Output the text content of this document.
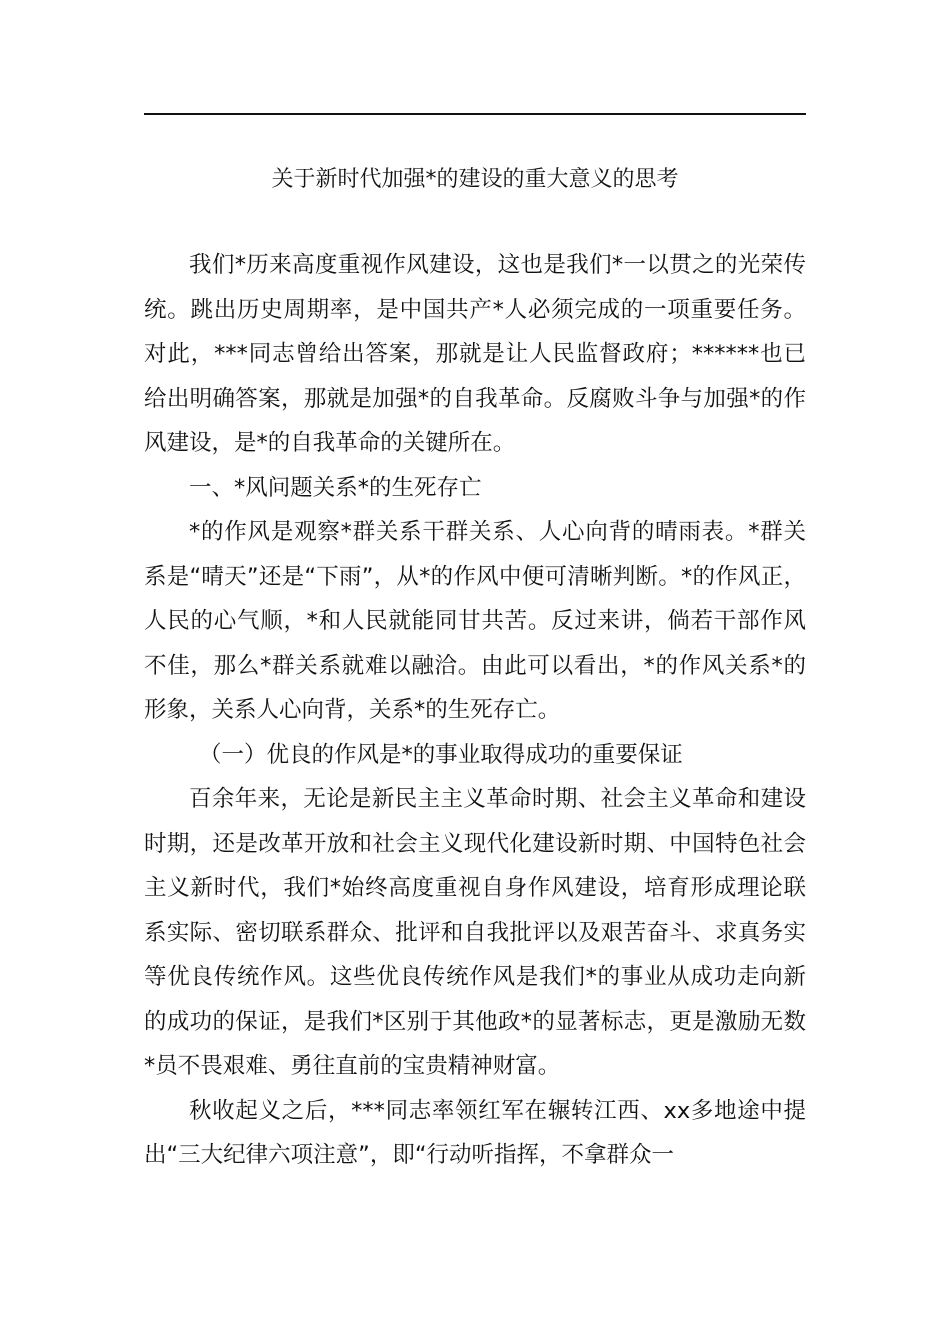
关于新时代加强*的建设的重大意义的思考

我们*历来高度重视作风建设，这也是我们*一以贯之的光荣传统。跳出历史周期率，是中国共产*人必须完成的一项重要任务。对此，***同志曾给出答案，那就是让人民监督政府；******也已给出明确答案，那就是加强*的自我革命。反腐败斗争与加强*的作风建设，是*的自我革命的关键所在。

一、*风问题关系*的生死存亡

*的作风是观察*群关系干群关系、人心向背的晴雨表。*群关系是“晴天”还是“下雨”，从*的作风中便可清晰判断。*的作风正，人民的心气顺，*和人民就能同甘共苦。反过来讲，倘若干部作风不佳，那么*群关系就难以融洽。由此可以看出，*的作风关系*的形象，关系人心向背，关系*的生死存亡。

（一）优良的作风是*的事业取得成功的重要保证

百余年来，无论是新民主主义革命时期、社会主义革命和建设时期，还是改革开放和社会主义现代化建设新时期、中国特色社会主义新时代，我们*始终高度重视自身作风建设，培育形成理论联系实际、密切联系群众、批评和自我批评以及艰苦奋斗、求真务实等优良传统作风。这些优良传统作风是我们*的事业从成功走向新的成功的保证，是我们*区别于其他政*的显著标志，更是激励无数*员不畏艰难、勇往直前的宝贵精神财富。

秋收起义之后，***同志率领红军在辗转江西、xx多地途中提出“三大纪律六项注意”，即“行动听指挥，不拿群众一
